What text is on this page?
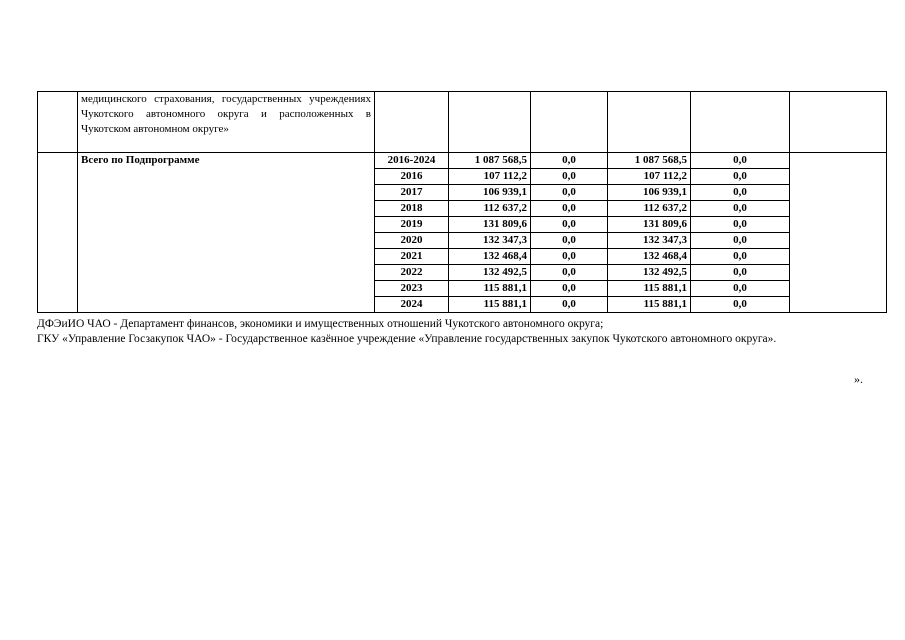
	медицинского страхования, государственных учреждениях Чукотского автономного округа и расположенных в Чукотском автономном округе»						
	Всего по Подпрограмме	2016-2024	1 087 568,5	0,0	1 087 568,5	0,0	
		2016	107 112,2	0,0	107 112,2	0,0	
		2017	106 939,1	0,0	106 939,1	0,0	
		2018	112 637,2	0,0	112 637,2	0,0	
		2019	131 809,6	0,0	131 809,6	0,0	
		2020	132 347,3	0,0	132 347,3	0,0	
		2021	132 468,4	0,0	132 468,4	0,0	
		2022	132 492,5	0,0	132 492,5	0,0	
		2023	115 881,1	0,0	115 881,1	0,0	
		2024	115 881,1	0,0	115 881,1	0,0	

ДФЭиИО ЧАО - Департамент финансов, экономики и имущественных отношений Чукотского автономного округа;

ГКУ «Управление Госзакупок ЧАО» - Государственное казённое учреждение «Управление государственных закупок Чукотского автономного округа».

».
